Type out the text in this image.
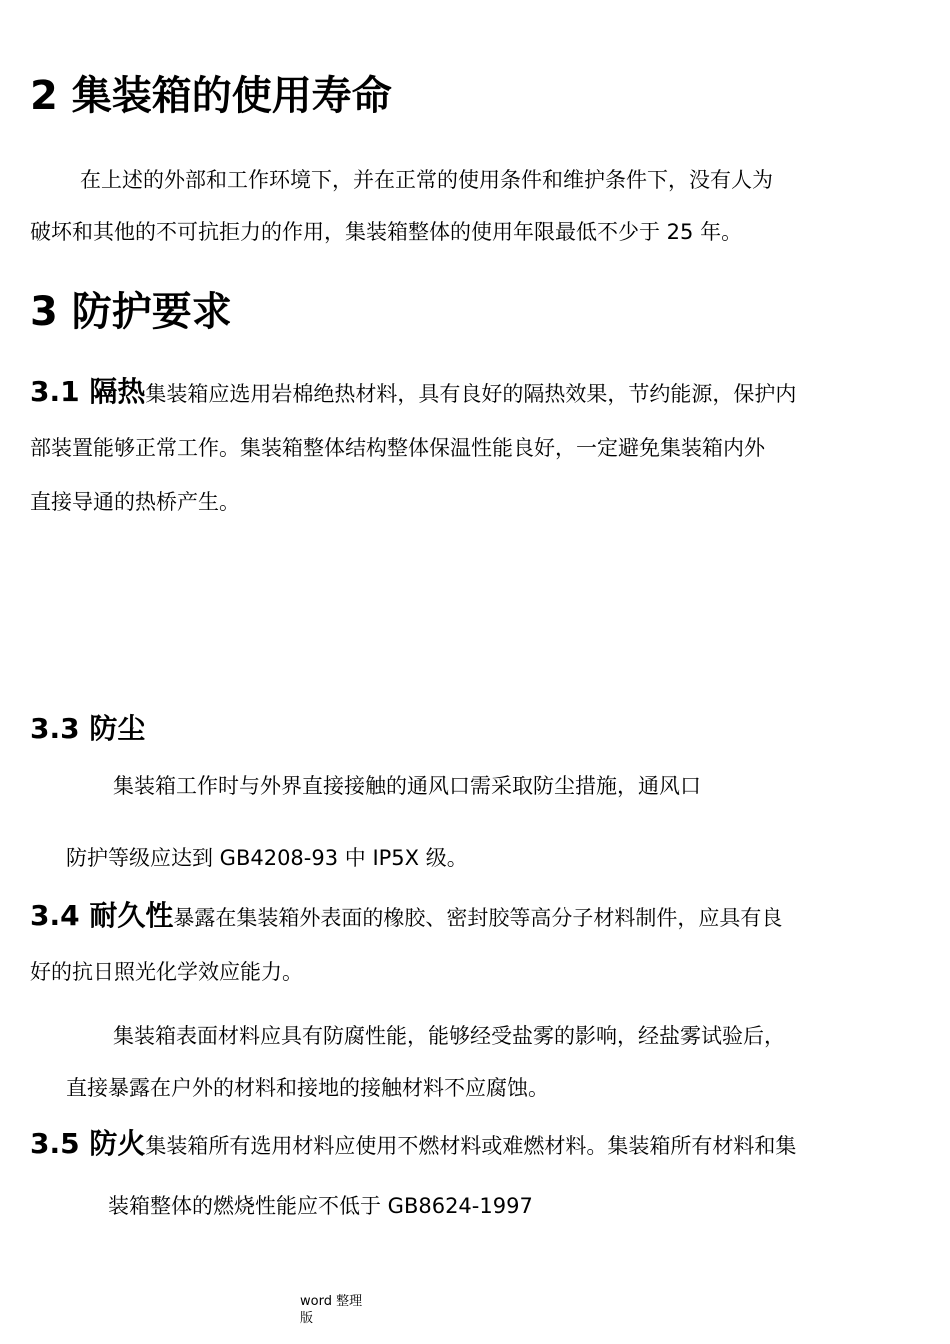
2 集装箱的使用寿命
在上述的外部和工作环境下，并在正常的使用条件和维护条件下，没有人为
破坏和其他的不可抗拒力的作用，集装箱整体的使用年限最低不少于 25 年。
3 防护要求
3.1 隔热集装箱应选用岩棉绝热材料，具有良好的隔热效果，节约能源，保护内
部装置能够正常工作。集装箱整体结构整体保温性能良好，一定避免集装箱内外
直接导通的热桥产生。
3.3 防尘
集装箱工作时与外界直接接触的通风口需采取防尘措施，通风口
防护等级应达到 GB4208-93 中 IP5X 级。
3.4 耐久性暴露在集装箱外表面的橡胶、密封胶等高分子材料制件，应具有良
好的抗日照光化学效应能力。
集装箱表面材料应具有防腐性能，能够经受盐雾的影响，经盐雾试验后，
直接暴露在户外的材料和接地的接触材料不应腐蚀。
3.5 防火集装箱所有选用材料应使用不燃材料或难燃材料。集装箱所有材料和集
装箱整体的燃烧性能应不低于 GB8624-1997
word 整理版
